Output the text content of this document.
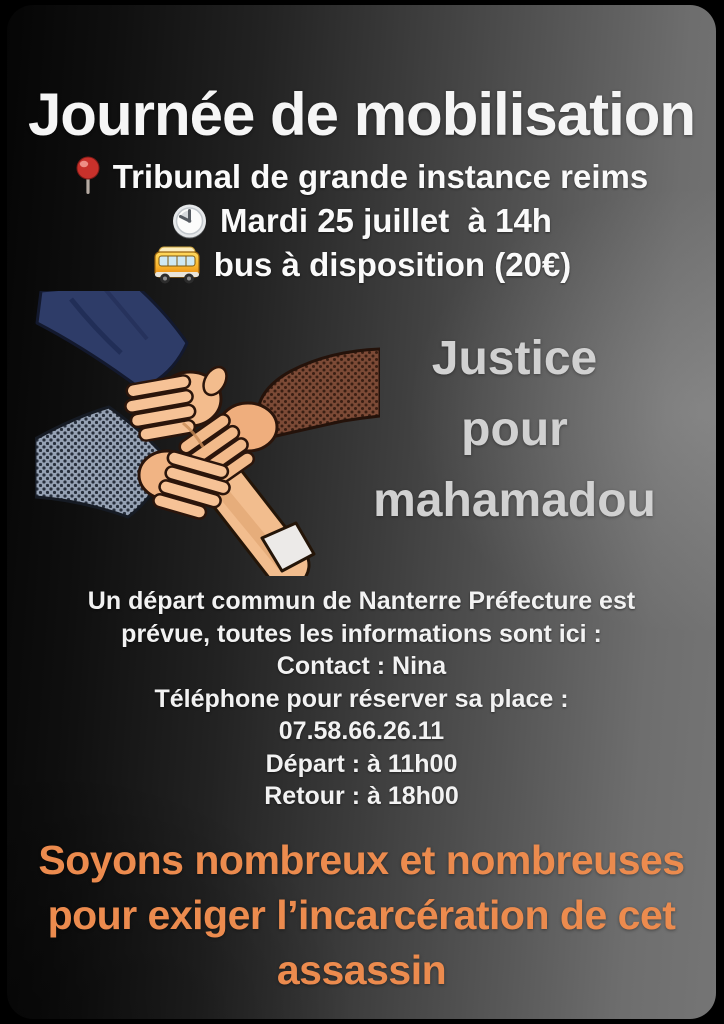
Journée de mobilisation
Tribunal de grande instance reims
Mardi 25 juillet  à 14h
bus à disposition (20€)
Justice
pour
mahamadou
Un départ commun de Nanterre Préfecture est
prévue, toutes les informations sont ici :
Contact : Nina
Téléphone pour réserver sa place :
07.58.66.26.11
Départ : à 11h00
Retour : à 18h00
Soyons nombreux et nombreuses
pour exiger l’incarcération de cet
assassin
